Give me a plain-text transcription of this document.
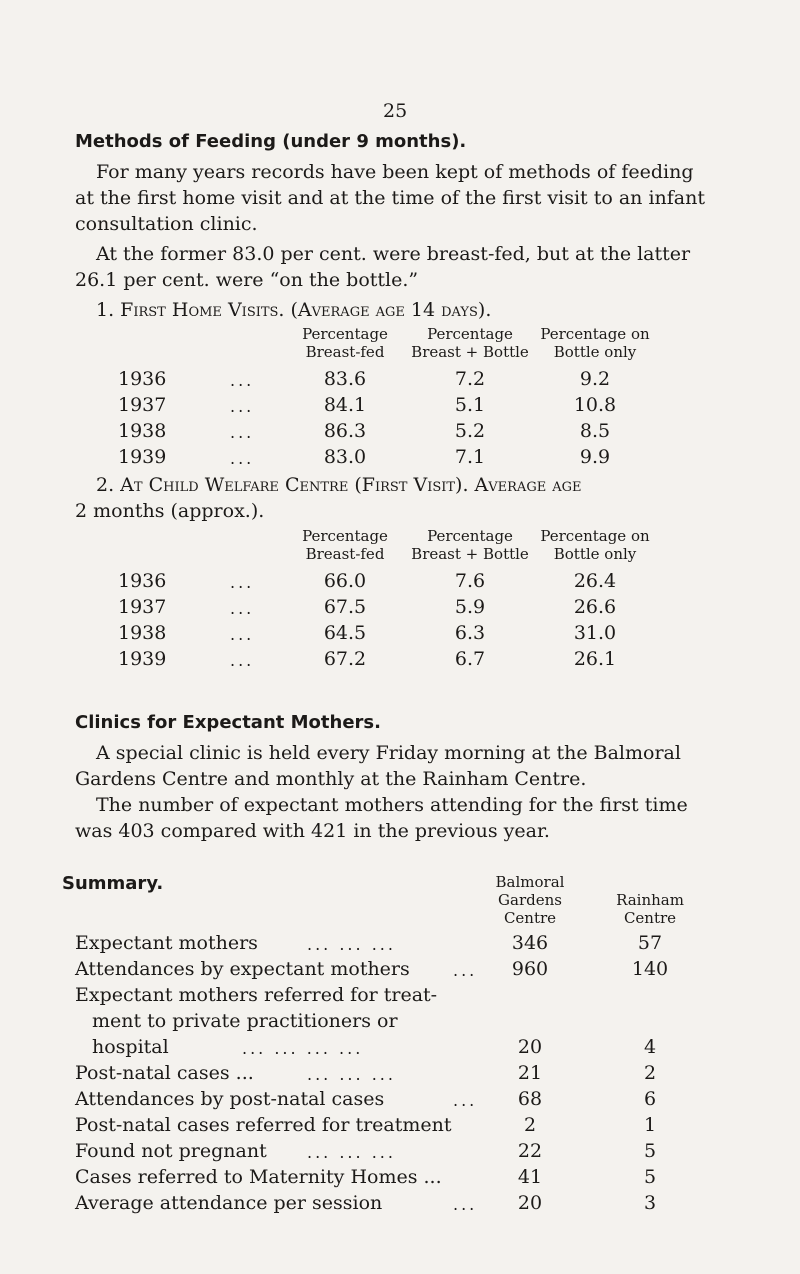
25
Methods of Feeding (under 9 months).
For many years records have been kept of methods of feeding
at the first home visit and at the time of the first visit to an infant
consultation clinic.
At the former 83.0 per cent. were breast-fed, but at the latter
26.1 per cent. were “on the bottle.”
1. First Home Visits. (Average age 14 days).
Percentage
Breast-fed
Percentage
Breast + Bottle
Percentage on
Bottle only
1936	...	83.6	7.2	9.2
1937	...	84.1	5.1	10.8
1938	...	86.3	5.2	8.5
1939	...	83.0	7.1	9.9
2. At Child Welfare Centre (First Visit). Average age
2 months (approx.).
Percentage
Breast-fed
Percentage
Breast + Bottle
Percentage on
Bottle only
1936	...	66.0	7.6	26.4
1937	...	67.5	5.9	26.6
1938	...	64.5	6.3	31.0
1939	...	67.2	6.7	26.1
Clinics for Expectant Mothers.
A special clinic is held every Friday morning at the Balmoral
Gardens Centre and monthly at the Rainham Centre.
The number of expectant mothers attending for the first time
was 403 compared with 421 in the previous year.
Summary.	Balmoral
Gardens
Centre
Rainham
Centre
Expectant mothers	... ... ...	346	57
Attendances by expectant mothers	...	960	140
Expectant mothers referred for treat-
ment to private practitioners or
hospital	... ... ... ...	20	4
Post-natal cases ...	... ... ...	21	2
Attendances by post-natal cases	...	68	6
Post-natal cases referred for treatment	2	1
Found not pregnant	... ... ...	22	5
Cases referred to Maternity Homes ...	41	5
Average attendance per session	...	20	3
